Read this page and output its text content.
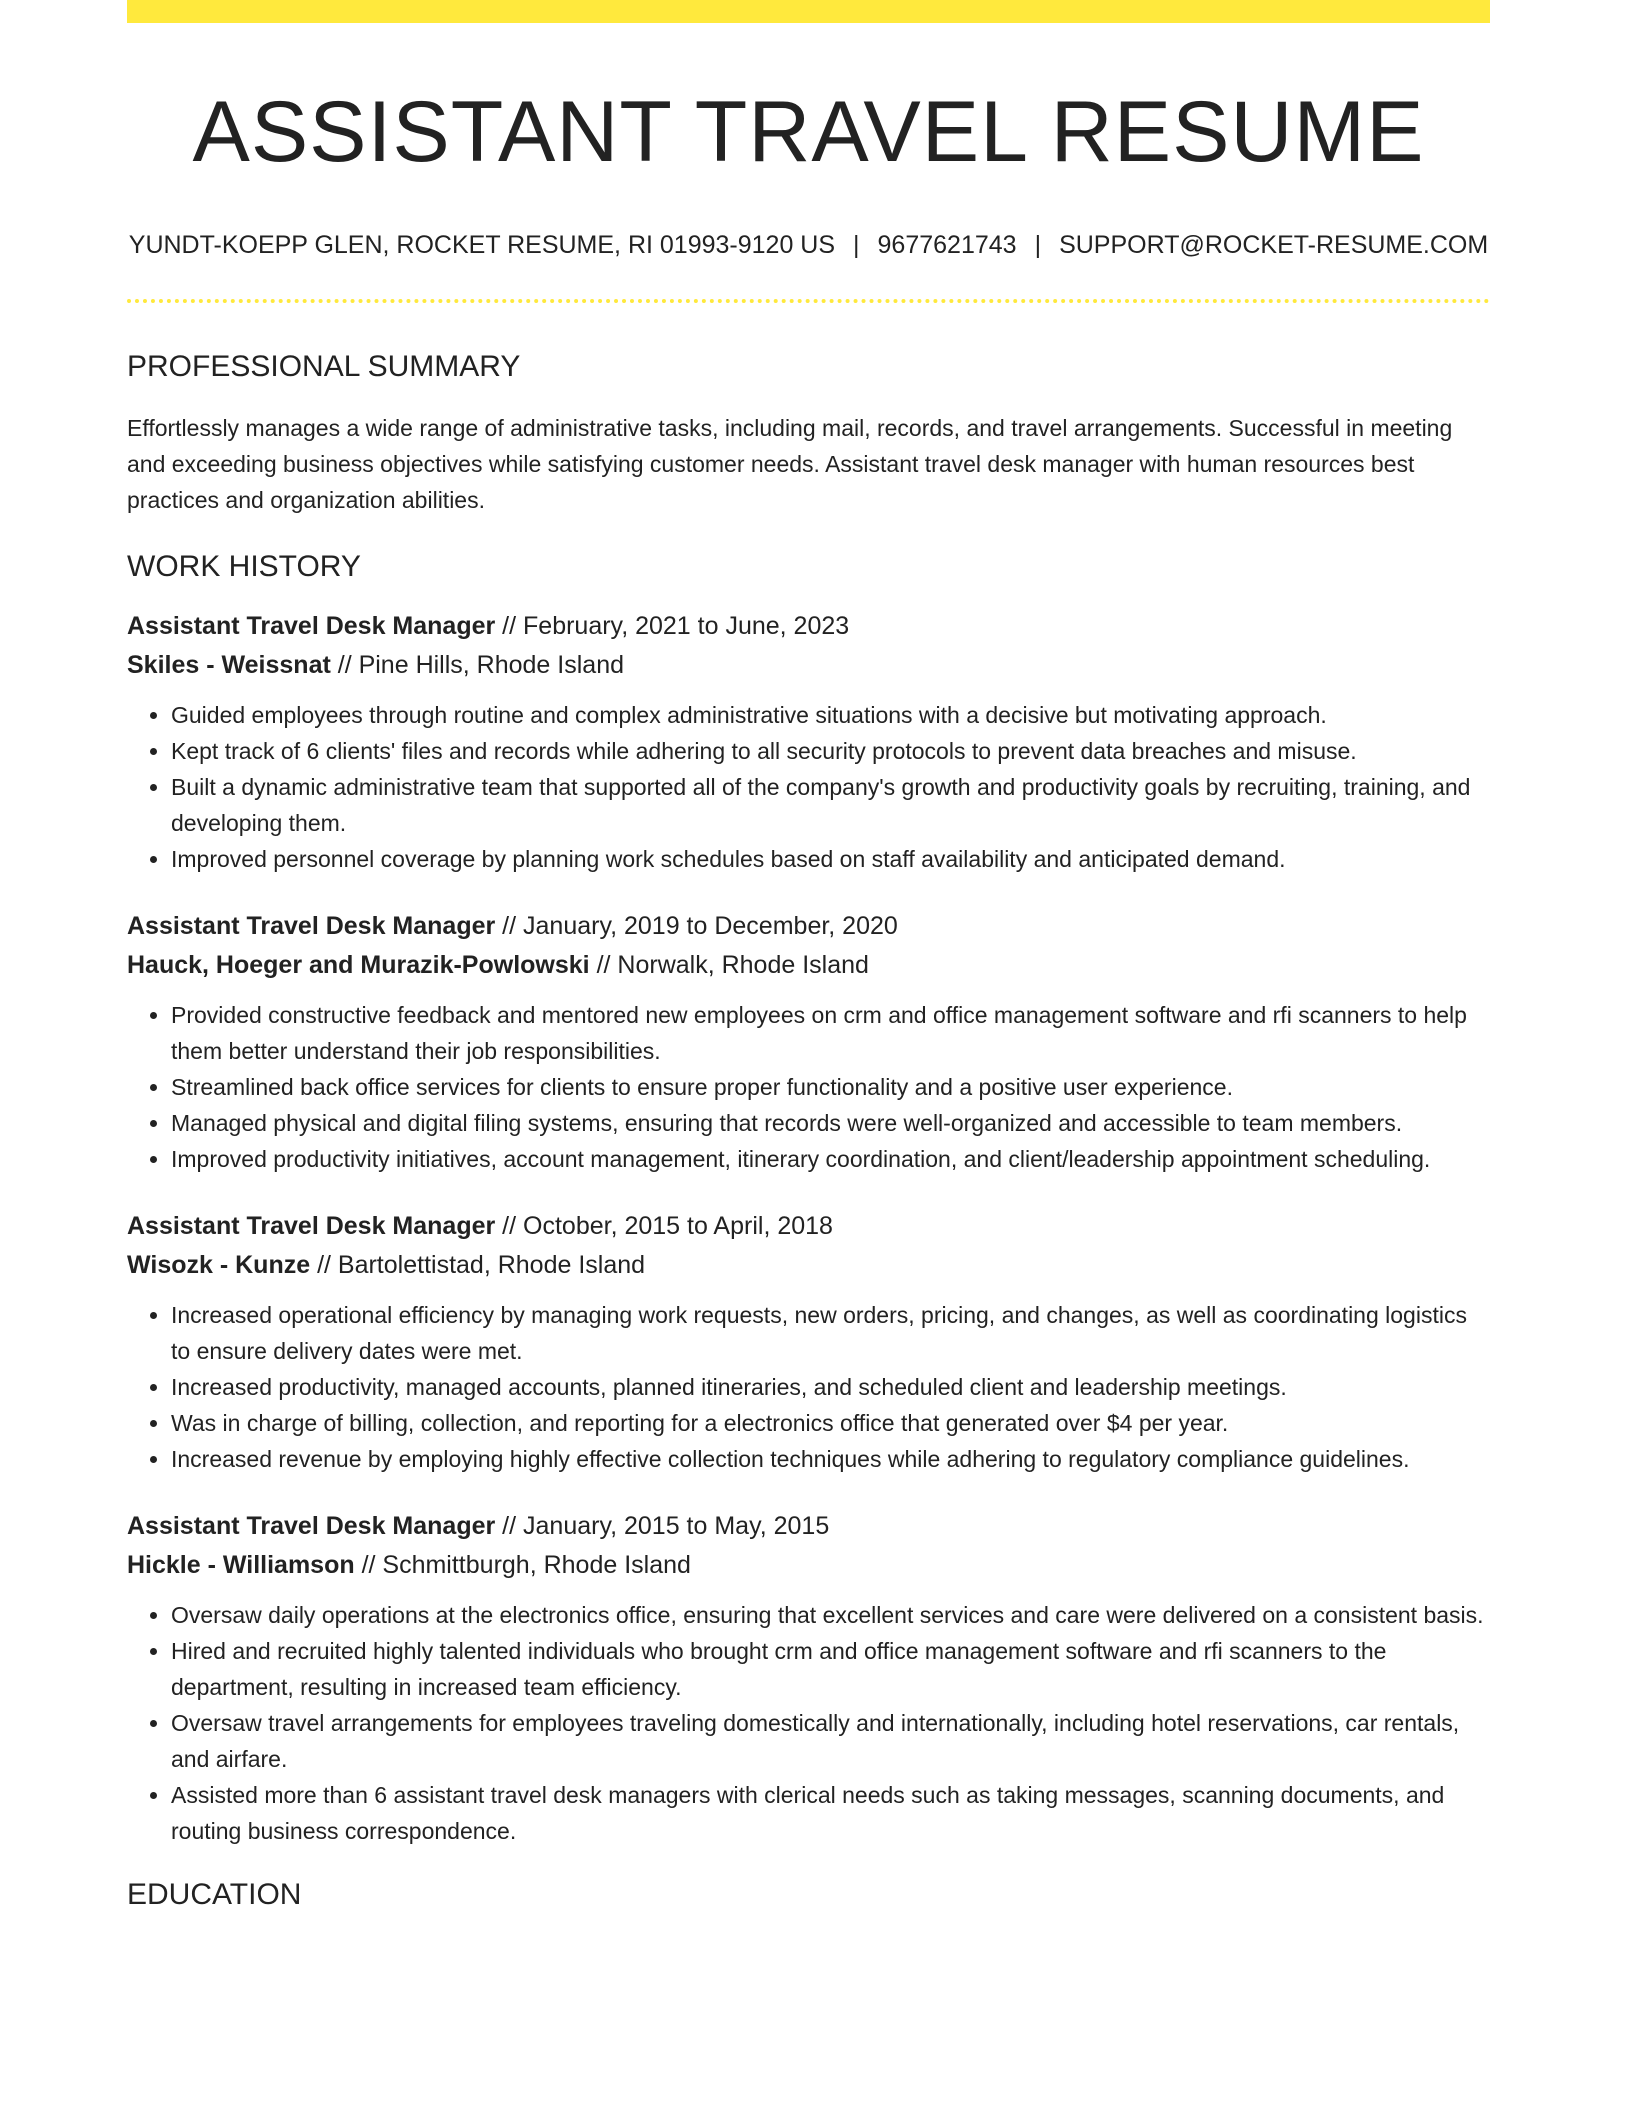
ASSISTANT TRAVEL RESUME
YUNDT-KOEPP GLEN, ROCKET RESUME, RI 01993-9120 US | 9677621743 | SUPPORT@ROCKET-RESUME.COM
PROFESSIONAL SUMMARY
Effortlessly manages a wide range of administrative tasks, including mail, records, and travel arrangements. Successful in meeting and exceeding business objectives while satisfying customer needs. Assistant travel desk manager with human resources best practices and organization abilities.
WORK HISTORY
Assistant Travel Desk Manager // February, 2021 to June, 2023
Skiles - Weissnat // Pine Hills, Rhode Island
• Guided employees through routine and complex administrative situations with a decisive but motivating approach.
• Kept track of 6 clients' files and records while adhering to all security protocols to prevent data breaches and misuse.
• Built a dynamic administrative team that supported all of the company's growth and productivity goals by recruiting, training, and developing them.
• Improved personnel coverage by planning work schedules based on staff availability and anticipated demand.
Assistant Travel Desk Manager // January, 2019 to December, 2020
Hauck, Hoeger and Murazik-Powlowski // Norwalk, Rhode Island
• Provided constructive feedback and mentored new employees on crm and office management software and rfi scanners to help them better understand their job responsibilities.
• Streamlined back office services for clients to ensure proper functionality and a positive user experience.
• Managed physical and digital filing systems, ensuring that records were well-organized and accessible to team members.
• Improved productivity initiatives, account management, itinerary coordination, and client/leadership appointment scheduling.
Assistant Travel Desk Manager // October, 2015 to April, 2018
Wisozk - Kunze // Bartolettistad, Rhode Island
• Increased operational efficiency by managing work requests, new orders, pricing, and changes, as well as coordinating logistics to ensure delivery dates were met.
• Increased productivity, managed accounts, planned itineraries, and scheduled client and leadership meetings.
• Was in charge of billing, collection, and reporting for a electronics office that generated over $4 per year.
• Increased revenue by employing highly effective collection techniques while adhering to regulatory compliance guidelines.
Assistant Travel Desk Manager // January, 2015 to May, 2015
Hickle - Williamson // Schmittburgh, Rhode Island
• Oversaw daily operations at the electronics office, ensuring that excellent services and care were delivered on a consistent basis.
• Hired and recruited highly talented individuals who brought crm and office management software and rfi scanners to the department, resulting in increased team efficiency.
• Oversaw travel arrangements for employees traveling domestically and internationally, including hotel reservations, car rentals, and airfare.
• Assisted more than 6 assistant travel desk managers with clerical needs such as taking messages, scanning documents, and routing business correspondence.
EDUCATION
